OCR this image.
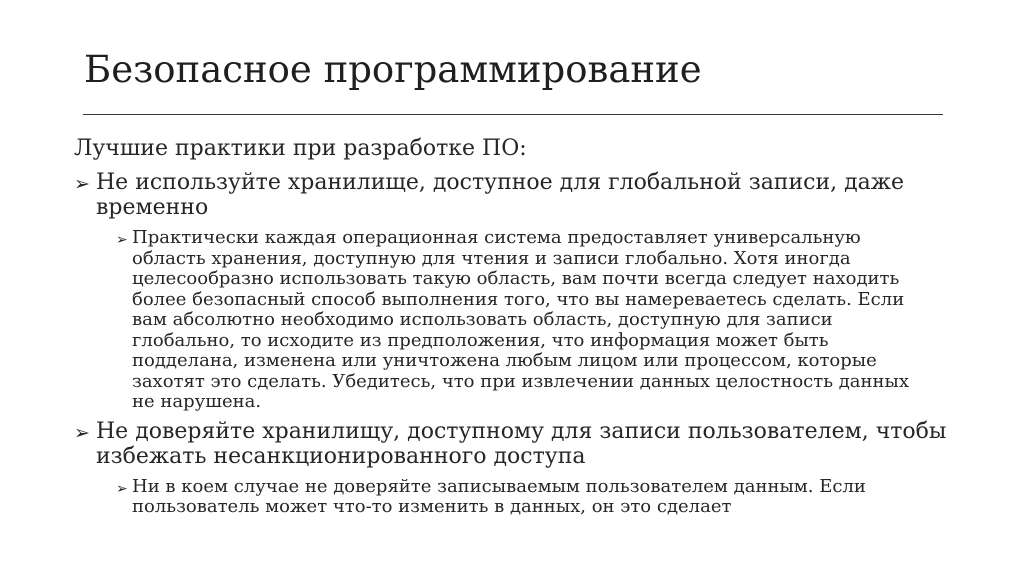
Безопасное программирование
Лучшие практики при разработке ПО:
➢ Не используйте хранилище, доступное для глобальной записи, даже временно
➢ Практически каждая операционная система предоставляет универсальную область хранения, доступную для чтения и записи глобально. Хотя иногда целесообразно использовать такую область, вам почти всегда следует находить более безопасный способ выполнения того, что вы намереваетесь сделать. Если вам абсолютно необходимо использовать область, доступную для записи глобально, то исходите из предположения, что информация может быть подделана, изменена или уничтожена любым лицом или процессом, которые захотят это сделать. Убедитесь, что при извлечении данных целостность данных не нарушена.
➢ Не доверяйте хранилищу, доступному для записи пользователем, чтобы избежать несанкционированного доступа
➢ Ни в коем случае не доверяйте записываемым пользователем данным. Если пользователь может что-то изменить в данных, он это сделает
